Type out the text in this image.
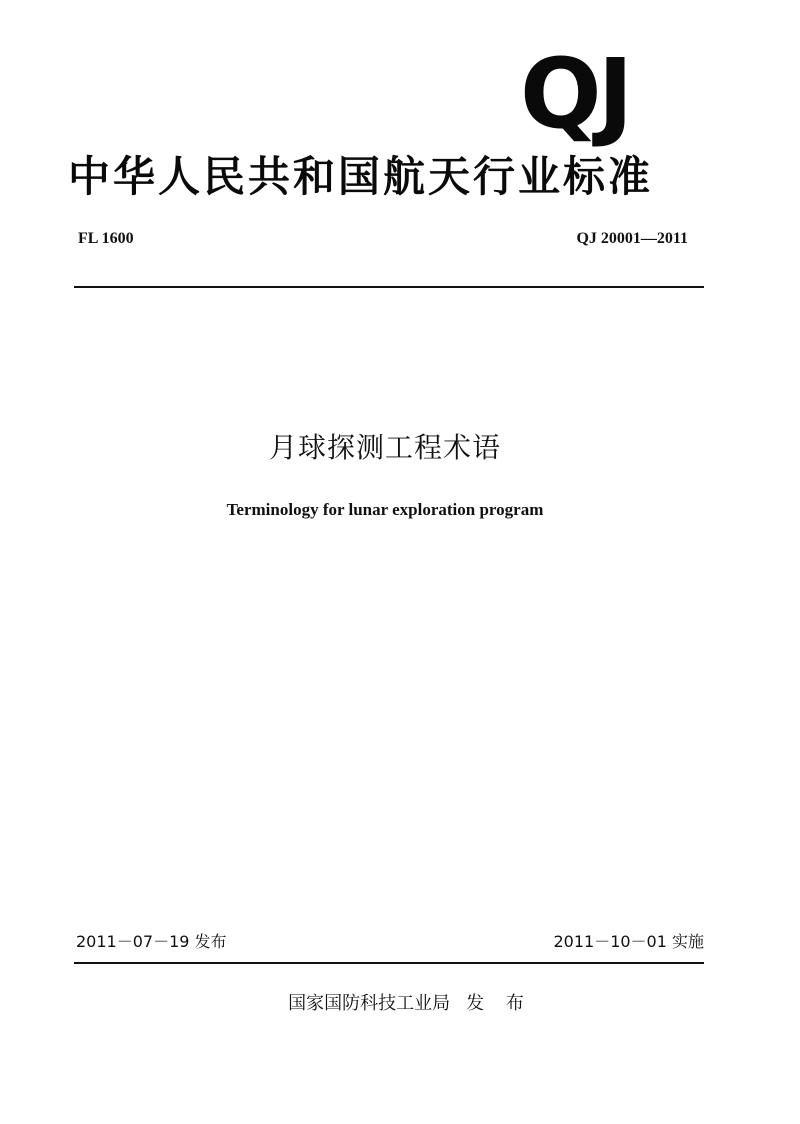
QJ
中华人民共和国航天行业标准
FL 1600	QJ 20001—2011
月球探测工程术语
Terminology for lunar exploration program
2011－07－19 发布	2011－10－01 实施
国家国防科技工业局 发 布
